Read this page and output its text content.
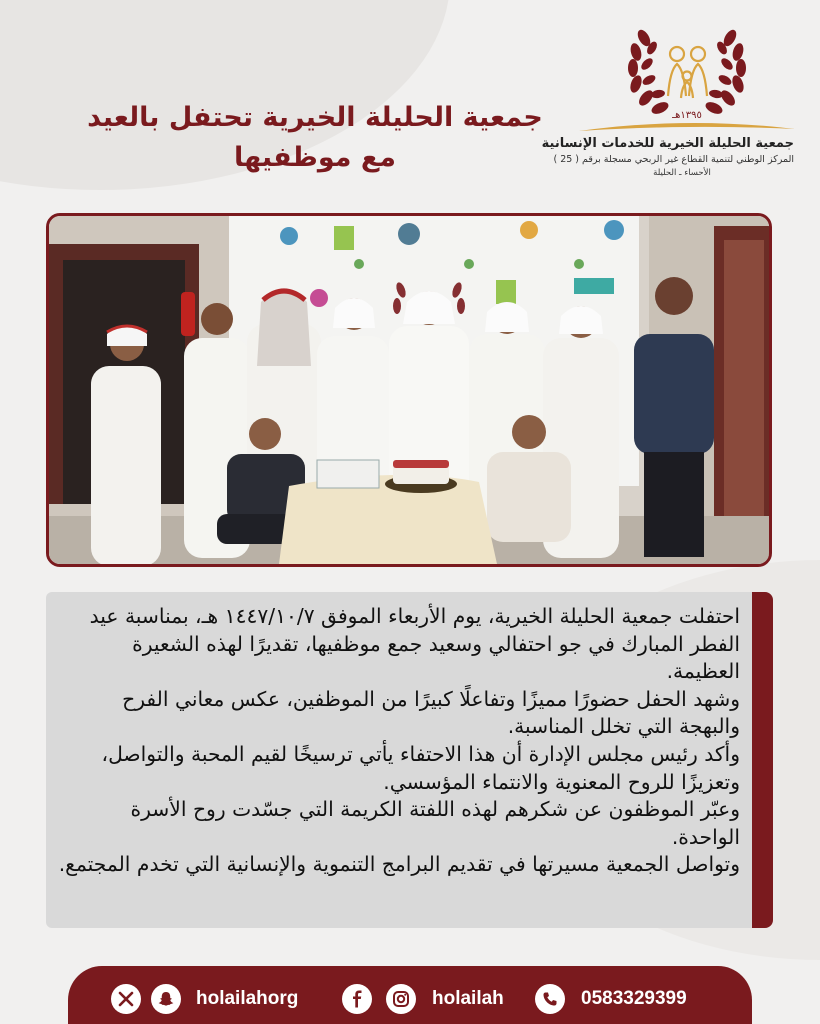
١٣٩٥هـ
جمعية الحليلة الخيرية للخدمات الإنسانية
المركز الوطني لتنمية القطاع غير الربحي مسجلة برقم ( 25 )
الأحساء ـ الحليلة
جمعية الحليلة الخيرية تحتفل بالعيد
مع موظفيها

احتفلت جمعية الحليلة الخيرية، يوم الأربعاء الموفق ١٤٤٧/١٠/٧ هـ، بمناسبة عيد الفطر المبارك في جو احتفالي وسعيد جمع موظفيها، تقديرًا لهذه الشعيرة العظيمة.

وشهد الحفل حضورًا مميزًا وتفاعلًا كبيرًا من الموظفين، عكس معاني الفرح والبهجة التي تخلل المناسبة.

وأكد رئيس مجلس الإدارة أن هذا الاحتفاء يأتي ترسيخًا لقيم المحبة والتواصل، وتعزيزًا للروح المعنوية والانتماء المؤسسي.

وعبّر الموظفون عن شكرهم لهذه اللفتة الكريمة التي جسّدت روح الأسرة الواحدة.

وتواصل الجمعية مسيرتها في تقديم البرامج التنموية والإنسانية التي تخدم المجتمع.

holailahorg	holailah	0583329399
